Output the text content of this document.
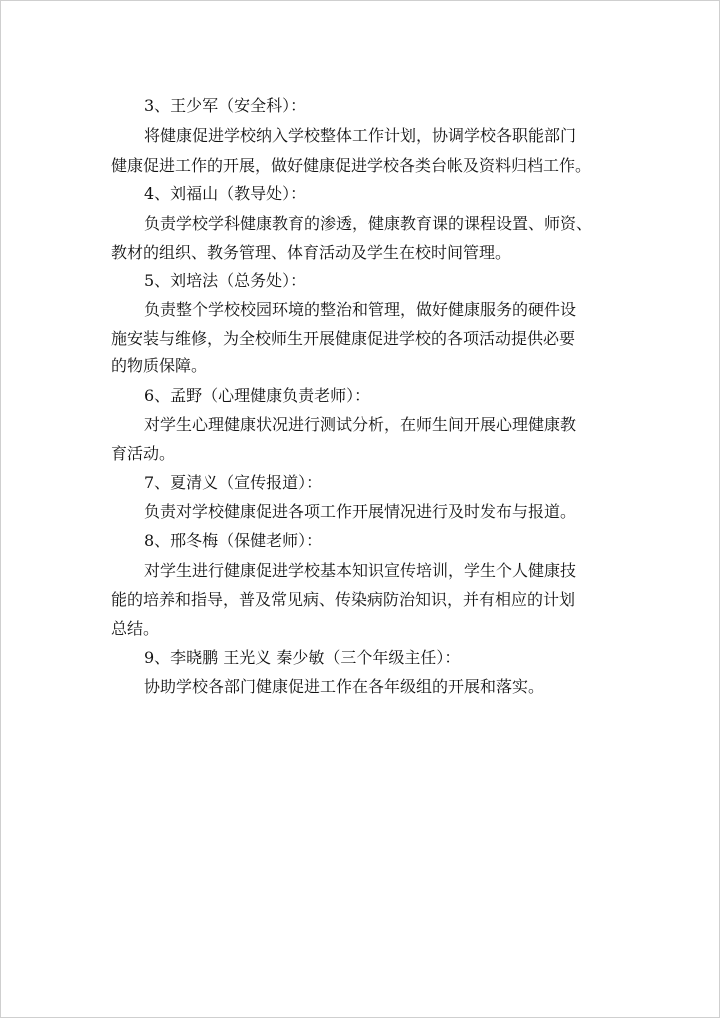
3、王少军（安全科）：
将健康促进学校纳入学校整体工作计划，协调学校各职能部门
健康促进工作的开展，做好健康促进学校各类台帐及资料归档工作。
4、刘福山（教导处）：
负责学校学科健康教育的渗透，健康教育课的课程设置、师资、
教材的组织、教务管理、体育活动及学生在校时间管理。
5、刘培法（总务处）：
负责整个学校校园环境的整治和管理，做好健康服务的硬件设
施安装与维修，为全校师生开展健康促进学校的各项活动提供必要
的物质保障。
6、孟野（心理健康负责老师）：
对学生心理健康状况进行测试分析，在师生间开展心理健康教
育活动。
7、夏清义（宣传报道）：
负责对学校健康促进各项工作开展情况进行及时发布与报道。
8、邢冬梅（保健老师）：
对学生进行健康促进学校基本知识宣传培训，学生个人健康技
能的培养和指导，普及常见病、传染病防治知识，并有相应的计划
总结。
9、李晓鹏 王光义 秦少敏（三个年级主任）：
协助学校各部门健康促进工作在各年级组的开展和落实。
